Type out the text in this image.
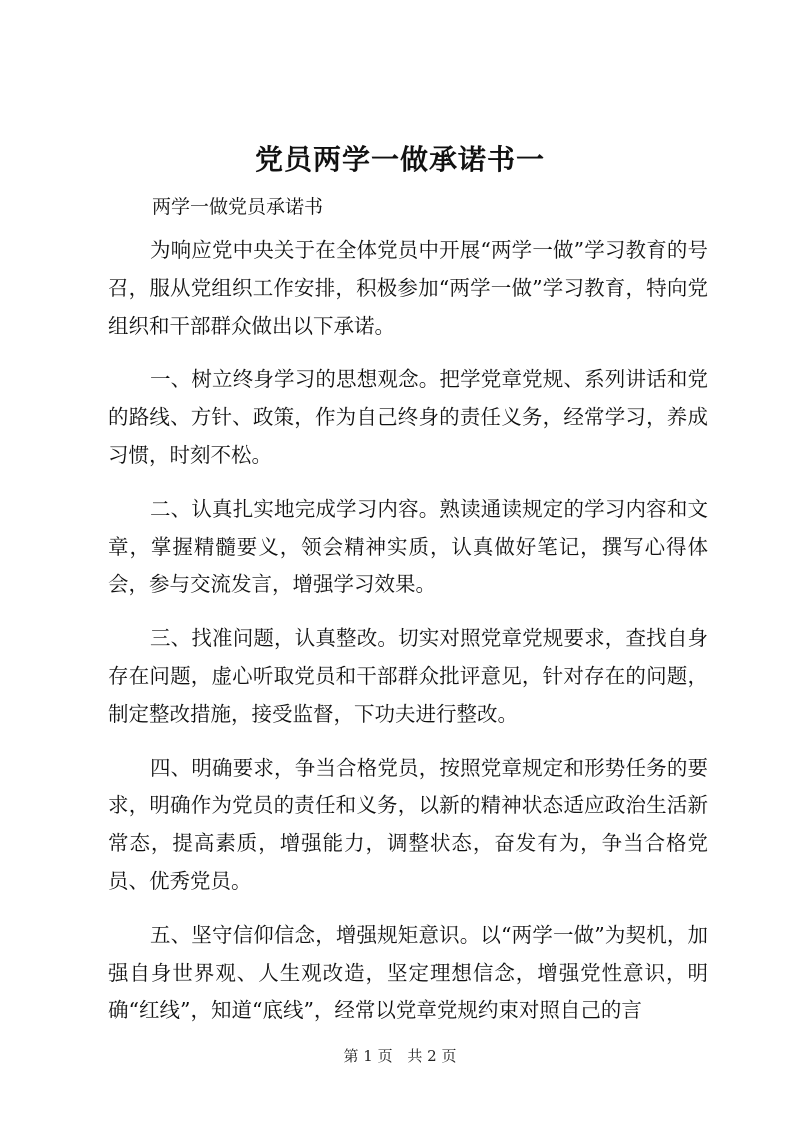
党员两学一做承诺书一

两学一做党员承诺书

为响应党中央关于在全体党员中开展“两学一做”学习教育的号召，服从党组织工作安排，积极参加“两学一做”学习教育，特向党组织和干部群众做出以下承诺。

一、树立终身学习的思想观念。把学党章党规、系列讲话和党的路线、方针、政策，作为自己终身的责任义务，经常学习，养成习惯，时刻不松。

二、认真扎实地完成学习内容。熟读通读规定的学习内容和文章，掌握精髓要义，领会精神实质，认真做好笔记，撰写心得体会，参与交流发言，增强学习效果。

三、找准问题，认真整改。切实对照党章党规要求，查找自身存在问题，虚心听取党员和干部群众批评意见，针对存在的问题，制定整改措施，接受监督，下功夫进行整改。

四、明确要求，争当合格党员，按照党章规定和形势任务的要求，明确作为党员的责任和义务，以新的精神状态适应政治生活新常态，提高素质，增强能力，调整状态，奋发有为，争当合格党员、优秀党员。

五、坚守信仰信念，增强规矩意识。以“两学一做”为契机，加强自身世界观、人生观改造，坚定理想信念，增强党性意识，明确“红线”，知道“底线”，经常以党章党规约束对照自己的言

第 1 页 共 2 页
